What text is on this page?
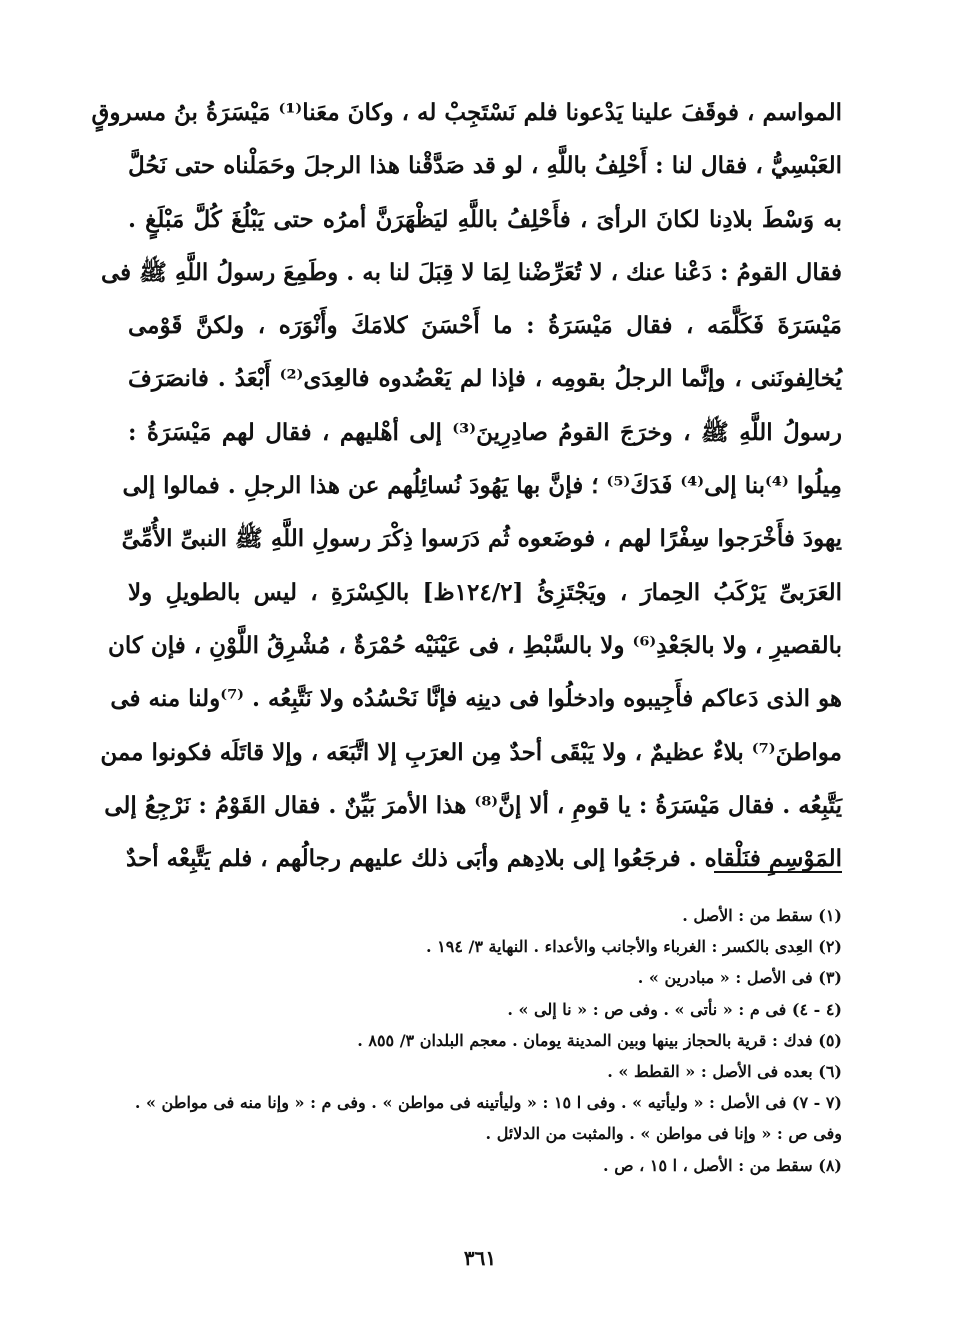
المواسم ، فوقَفَ علينا يَدْعونا فلم نَسْتَجِبْ له ، وكانَ معَنا⁽¹⁾ مَيْسَرَةُ بنُ مسروقٍ
العَبْسِيُّ ، فقال لنا : أَحْلِفُ باللَّهِ ، لو قد صَدَّقْنا هذا الرجلَ وحَمَلْناه حتى نَحُلَّ
به وَسْطَ بلادِنا لكانَ الرأىَ ، فأَحْلِفُ باللَّهِ ليَظْهَرَنَّ أمرُه حتى يَبْلُغَ كُلَّ مَبْلَغٍ .
فقال القومُ : دَعْنا عنك ، لا تُعَرِّضْنا لِمَا لا قِبَلَ لنا به . وطَمِعَ رسولُ اللَّهِ ﷺ فى
مَيْسَرَةَ فَكَلَّمَه ، فقال مَيْسَرَةُ : ما أَحْسَنَ كلامَكَ وأَنْوَرَه ، ولكنَّ قَوْمى
يُخالِفونَنى ، وإنَّما الرجلُ بقومِه ، فإذا لم يَعْضُدوه فالعِدَى⁽²⁾ أَبْعَدُ . فانصَرَفَ
رسولُ اللَّهِ ﷺ ، وخرَجَ القومُ صادِرِينَ⁽³⁾ إلى أهْليهم ، فقال لهم مَيْسَرَةُ :
مِيلُوا ⁽⁴⁾بنا إلى⁽⁴⁾ فَدَكَ⁽⁵⁾ ؛ فإنَّ بها يَهُودَ نُسائِلُهم عن هذا الرجلِ . فمالوا إلى
يهودَ فأَخْرَجوا سِفْرًا لهم ، فوضَعوه ثُم دَرَسوا ذِكْرَ رسولِ اللَّهِ ﷺ النبىِّ الأُمِّىِّ
العَرَبىِّ يَرْكَبُ الحِمارَ ، ويَجْتَزِئُ [١٢٤/٢ظ] بالكِسْرَةِ ، ليس بالطويلِ ولا
بالقصيرِ ، ولا بالجَعْدِ⁽⁶⁾ ولا بالسَّبْطِ ، فى عَيْنَيْه حُمْرَةٌ ، مُشْرِقُ اللَّوْنِ ، فإن كان
هو الذى دَعاكم فأَجِيبوه وادخلُوا فى دينِه فإنَّا نَحْسُدُه ولا نَتَّبِعُه . ⁽⁷⁾ولنا منه فى
مواطنَ⁽⁷⁾ بلاءٌ عظيمٌ ، ولا يَبْقَى أحدٌ مِن العرَبِ إلا اتَّبَعَه ، وإلا قاتَلَه فكونوا ممن
يَتَّبِعُه . فقال مَيْسَرَةُ : يا قومِ ، ألا إنَّ⁽⁸⁾ هذا الأمرَ بَيِّنٌ . فقال القَوْمُ : نَرْجِعُ إلى
المَوْسِمِ فنَلْقاه . فرجَعُوا إلى بلادِهم وأبَى ذلك عليهم رجالُهم ، فلم يَتَّبِعْه أحدٌ
(١) سقط من : الأصل .
(٢) العِدى بالكسر : الغرباء والأجانب والأعداء . النهاية ٣/ ١٩٤ .
(٣) فى الأصل : « مبادرين » .
(٤ - ٤) فى م : « نأتى » . وفى ص : « نا إلى » .
(٥) فدك : قرية بالحجاز بينها وبين المدينة يومان . معجم البلدان ٣/ ٨٥٥ .
(٦) بعده فى الأصل : « القطط » .
(٧ - ٧) فى الأصل : « وليأتيه » . وفى ا ١٥ : « وليأتينه فى مواطن » . وفى م : « وإنا منه فى مواطن » .
وفى ص : « وإنا فى مواطن » . والمثبت من الدلائل .
(٨) سقط من : الأصل ، ا ١٥ ، ص .
٣٦١
